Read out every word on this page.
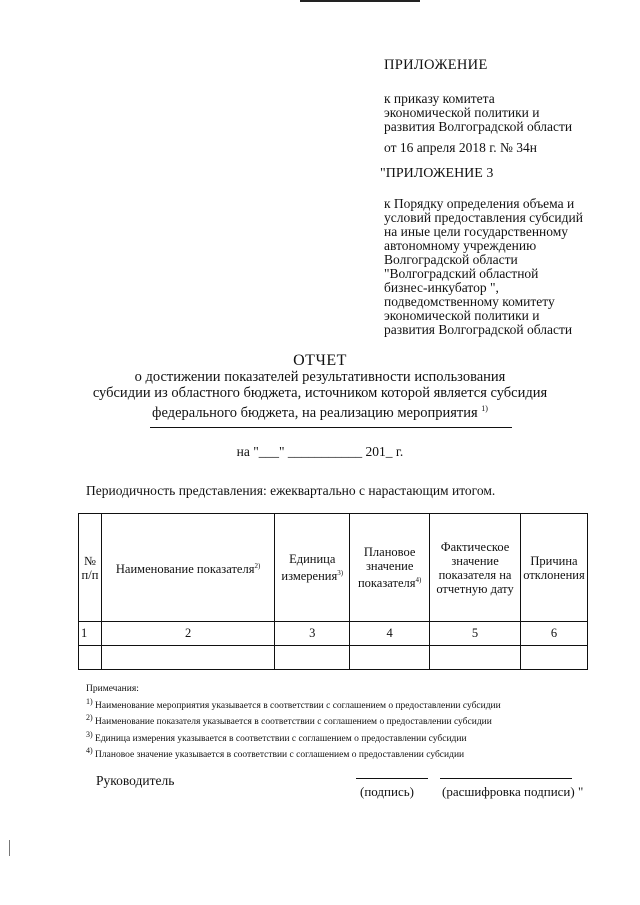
ПРИЛОЖЕНИЕ
к приказу комитета
экономической политики и
развития Волгоградской области
от 16 апреля 2018 г. № 34н
"ПРИЛОЖЕНИЕ 3
к Порядку определения объема и
условий предоставления субсидий
на иные цели государственному
автономному учреждению
Волгоградской области
"Волгоградский областной
бизнес-инкубатор ",
подведомственному комитету
экономической политики и
развития Волгоградской области
ОТЧЕТ
о достижении показателей результативности использования
субсидии из областного бюджета, источником которой является субсидия
федерального бюджета, на реализацию мероприятия $^{1)}$
на "___" ___________ 201_ г.
Периодичность представления: ежеквартально с нарастающим итогом.
№ п/п	Наименование показателя$^{2)}$	Единица измерения$^{3)}$	Плановое значение показателя$^{4)}$	Фактическое значение показателя на отчетную дату	Причина отклонения
1	2	3	4	5	6

Примечания:
$^{1)}$ Наименование мероприятия указывается в соответствии с соглашением о предоставлении субсидии
$^{2)}$ Наименование показателя указывается в соответствии с соглашением о предоставлении субсидии
$^{3)}$ Единица измерения указывается в соответствии с соглашением о предоставлении субсидии
$^{4)}$ Плановое значение указывается в соответствии с соглашением о предоставлении субсидии
Руководитель
(подпись) (расшифровка подписи) "
